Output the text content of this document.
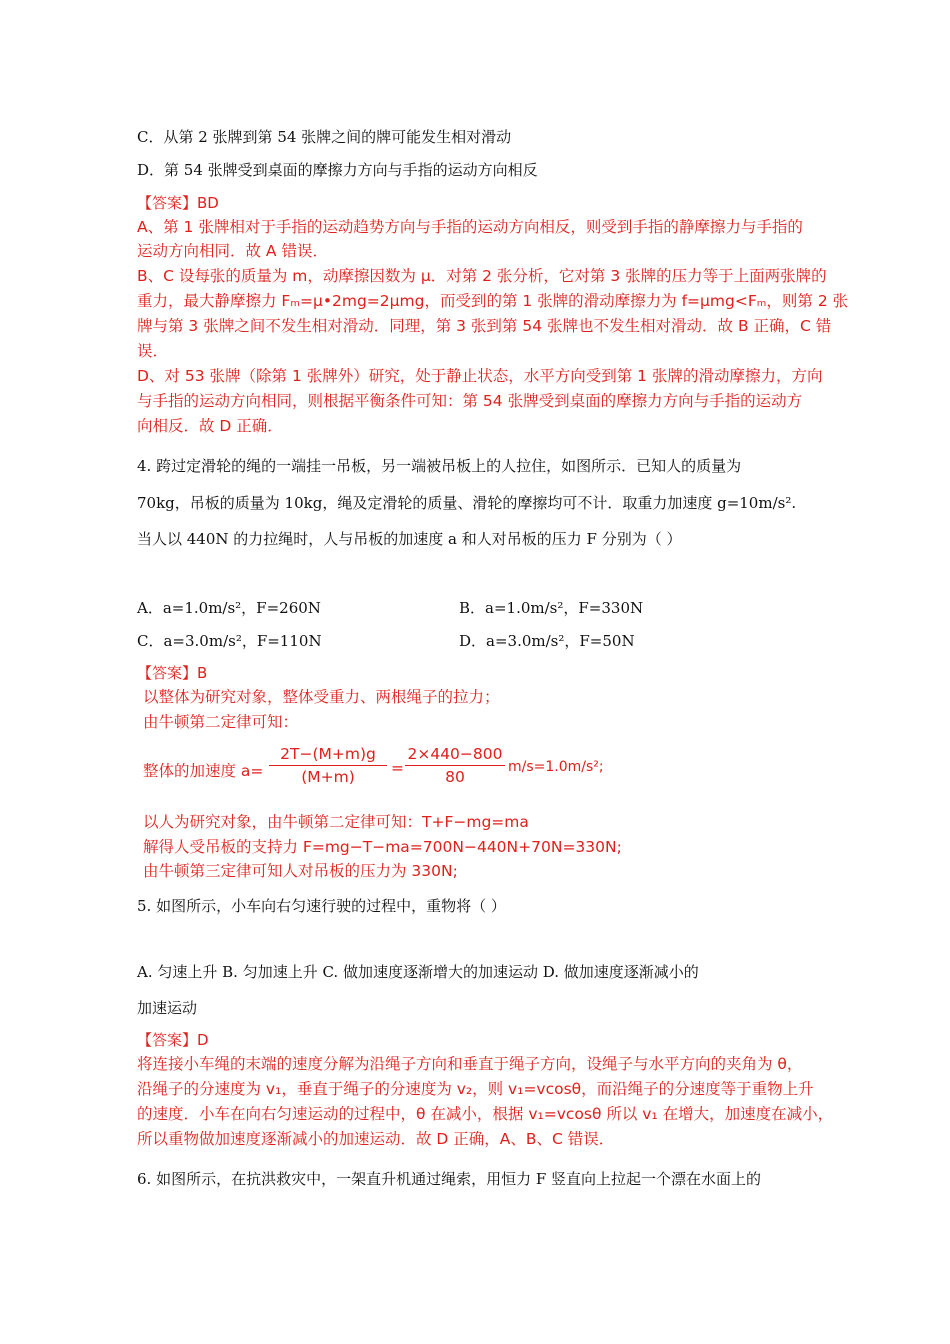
C．从第 2 张牌到第 54 张牌之间的牌可能发生相对滑动
D．第 54 张牌受到桌面的摩擦力方向与手指的运动方向相反
【答案】BD
A、第 1 张牌相对于手指的运动趋势方向与手指的运动方向相反，则受到手指的静摩擦力与手指的
运动方向相同．故 A 错误．
B、C 设每张的质量为 m，动摩擦因数为 μ．对第 2 张分析，它对第 3 张牌的压力等于上面两张牌的
重力，最大静摩擦力 Fₘ=μ•2mg=2μmg，而受到的第 1 张牌的滑动摩擦力为 f=μmg<Fₘ，则第 2 张
牌与第 3 张牌之间不发生相对滑动．同理，第 3 张到第 54 张牌也不发生相对滑动．故 B 正确，C 错
误．
D、对 53 张牌（除第 1 张牌外）研究，处于静止状态，水平方向受到第 1 张牌的滑动摩擦力，方向
与手指的运动方向相同，则根据平衡条件可知：第 54 张牌受到桌面的摩擦力方向与手指的运动方
向相反．故 D 正确．
4. 跨过定滑轮的绳的一端挂一吊板，另一端被吊板上的人拉住，如图所示．已知人的质量为
70kg，吊板的质量为 10kg，绳及定滑轮的质量、滑轮的摩擦均可不计．取重力加速度 g=10m/s².
当人以 440N 的力拉绳时，人与吊板的加速度 a 和人对吊板的压力 F 分别为（ ）
A．a=1.0m/s²，F=260N	B．a=1.0m/s²，F=330N
C．a=3.0m/s²，F=110N	D．a=3.0m/s²，F=50N
【答案】B
以整体为研究对象，整体受重力、两根绳子的拉力；
由牛顿第二定律可知：
整体的加速度 a=
2T−(M+m)g
(M+m)	=
2×440−800
80
m/s=1.0m/s²;
以人为研究对象，由牛顿第二定律可知：T+F−mg=ma
解得人受吊板的支持力 F=mg−T−ma=700N−440N+70N=330N;
由牛顿第三定律可知人对吊板的压力为 330N;
5. 如图所示，小车向右匀速行驶的过程中，重物将（ ）
A. 匀速上升 B. 匀加速上升 C. 做加速度逐渐增大的加速运动 D. 做加速度逐渐减小的
加速运动
【答案】D
将连接小车绳的末端的速度分解为沿绳子方向和垂直于绳子方向，设绳子与水平方向的夹角为 θ，
沿绳子的分速度为 v₁，垂直于绳子的分速度为 v₂，则 v₁=vcosθ，而沿绳子的分速度等于重物上升
的速度．小车在向右匀速运动的过程中，θ 在减小，根据 v₁=vcosθ 所以 v₁ 在增大，加速度在减小，
所以重物做加速度逐渐减小的加速运动．故 D 正确，A、B、C 错误．
6. 如图所示，在抗洪救灾中，一架直升机通过绳索，用恒力 F 竖直向上拉起一个漂在水面上的
